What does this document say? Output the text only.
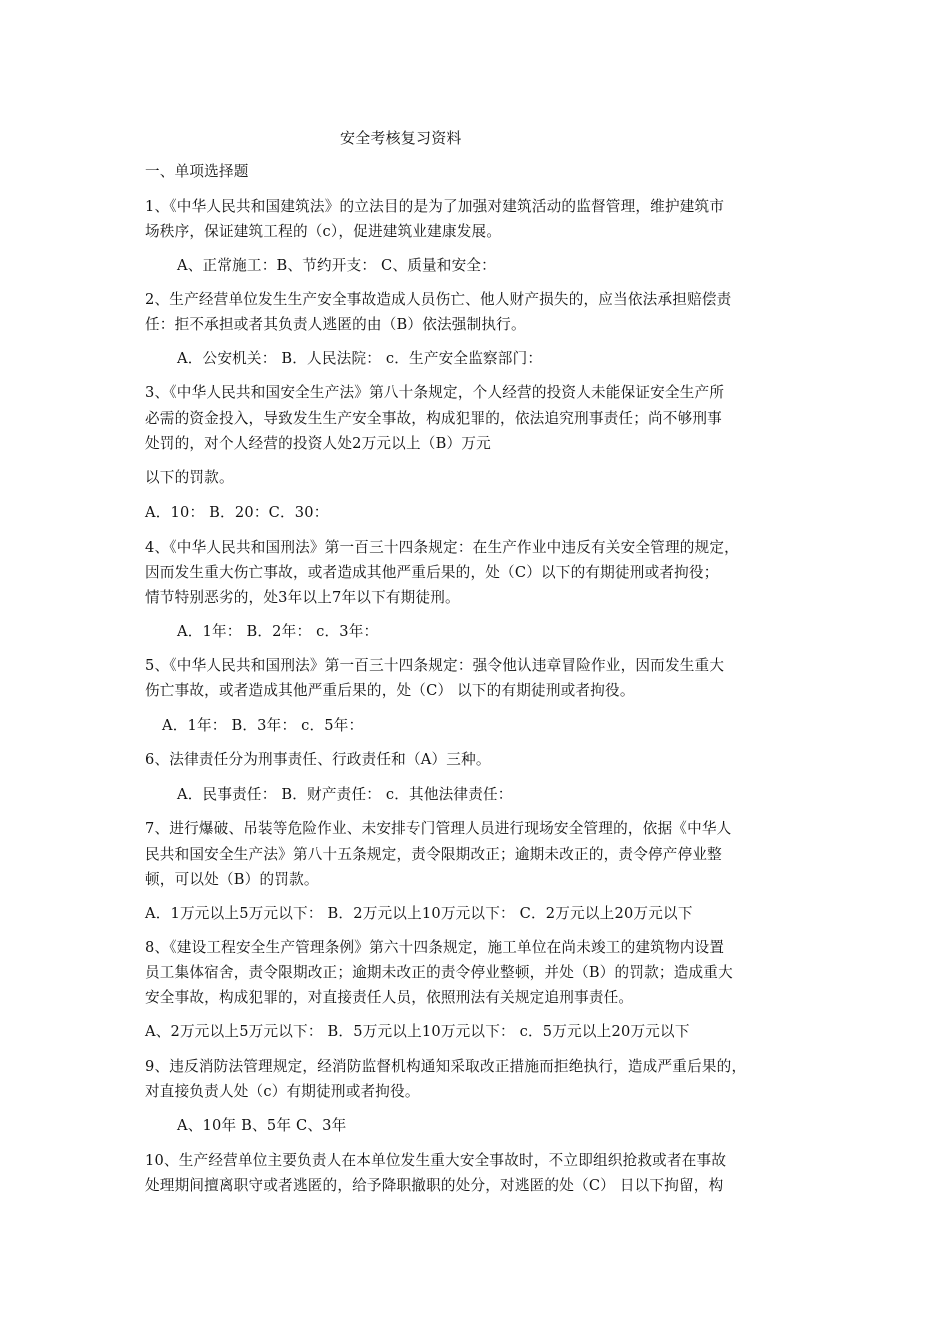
安全考核复习资料
一、单项选择题
1、《中华人民共和国建筑法》的立法目的是为了加强对建筑活动的监督管理，维护建筑市
场秩序，保证建筑工程的（c），促进建筑业建康发展。
A、正常施工：B、节约开支： C、质量和安全：
2、生产经营单位发生生产安全事故造成人员伤亡、他人财产损失的，应当依法承担赔偿责
任：拒不承担或者其负责人逃匿的由（B）依法强制执行。
A．公安机关： B．人民法院： c．生产安全监察部门：
3、《中华人民共和国安全生产法》第八十条规定，个人经营的投资人未能保证安全生产所
必需的资金投入，导致发生生产安全事故，构成犯罪的，依法追究刑事责任；尚不够刑事
处罚的，对个人经营的投资人处2万元以上（B）万元
以下的罚款。
A．10： B．20：C．30：
4、《中华人民共和国刑法》第一百三十四条规定：在生产作业中违反有关安全管理的规定，
因而发生重大伤亡事故，或者造成其他严重后果的，处（C）以下的有期徒刑或者拘役；
情节特别恶劣的，处3年以上7年以下有期徒刑。
A．1年： B．2年： c．3年：
5、《中华人民共和国刑法》第一百三十四条规定：强令他认违章冒险作业，因而发生重大
伤亡事故，或者造成其他严重后果的，处（C） 以下的有期徒刑或者拘役。
A．1年： B．3年： c．5年：
6、法律责任分为刑事责任、行政责任和（A）三种。
A．民事责任： B．财产责任： c．其他法律责任：
7、进行爆破、吊装等危险作业、未安排专门管理人员进行现场安全管理的，依据《中华人
民共和国安全生产法》第八十五条规定，责令限期改正；逾期未改正的，责令停产停业整
顿，可以处（B）的罚款。
A．1万元以上5万元以下： B．2万元以上10万元以下： C．2万元以上20万元以下
8、《建设工程安全生产管理条例》第六十四条规定，施工单位在尚未竣工的建筑物内设置
员工集体宿舍，责令限期改正；逾期未改正的责令停业整顿，并处（B）的罚款；造成重大
安全事故，构成犯罪的，对直接责任人员，依照刑法有关规定追刑事责任。
A、2万元以上5万元以下： B．5万元以上10万元以下： c．5万元以上20万元以下
9、违反消防法管理规定，经消防监督机构通知采取改正措施而拒绝执行，造成严重后果的，
对直接负责人处（c）有期徒刑或者拘役。
A、10年 B、5年 C、3年
10、生产经营单位主要负责人在本单位发生重大安全事故时，不立即组织抢救或者在事故
处理期间擅离职守或者逃匿的，给予降职撤职的处分，对逃匿的处（C） 日以下拘留，构
